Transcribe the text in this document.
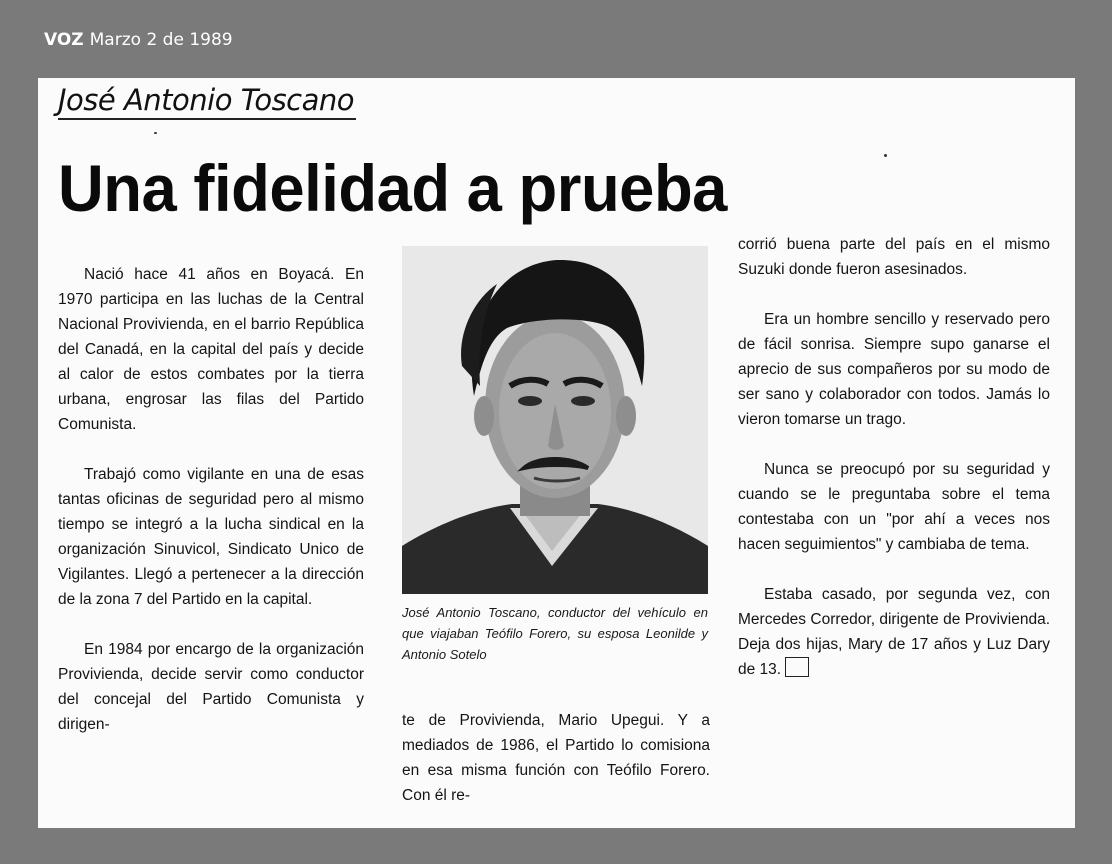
VOZ Marzo 2 de 1989
José Antonio Toscano
Una fidelidad a prueba

Nació hace 41 años en Boyacá. En 1970 participa en las luchas de la Central Nacional Provivienda, en el barrio República del Canadá, en la capital del país y decide al calor de estos combates por la tierra urbana, engrosar las filas del Partido Comunista.

Trabajó como vigilante en una de esas tantas oficinas de seguridad pero al mismo tiempo se integró a la lucha sindical en la organización Sinuvicol, Sindicato Unico de Vigilantes. Llegó a pertenecer a la dirección de la zona 7 del Partido en la capital.

En 1984 por encargo de la organización Provivienda, decide servir como conductor del concejal del Partido Comunista y dirigen-

José Antonio Toscano, conductor del vehículo en que viajaban Teófilo Forero, su esposa Leonilde y Antonio Sotelo

te de Provivienda, Mario Upegui. Y a mediados de 1986, el Partido lo comisiona en esa misma función con Teófilo Forero. Con él re-

corrió buena parte del país en el mismo Suzuki donde fueron asesinados.

Era un hombre sencillo y reservado pero de fácil sonrisa. Siempre supo ganarse el aprecio de sus compañeros por su modo de ser sano y colaborador con todos. Jamás lo vieron tomarse un trago.

Nunca se preocupó por su seguridad y cuando se le preguntaba sobre el tema contestaba con un "por ahí a veces nos hacen seguimientos" y cambiaba de tema.

Estaba casado, por segunda vez, con Mercedes Corredor, dirigente de Provivienda. Deja dos hijas, Mary de 17 años y Luz Dary de 13.
